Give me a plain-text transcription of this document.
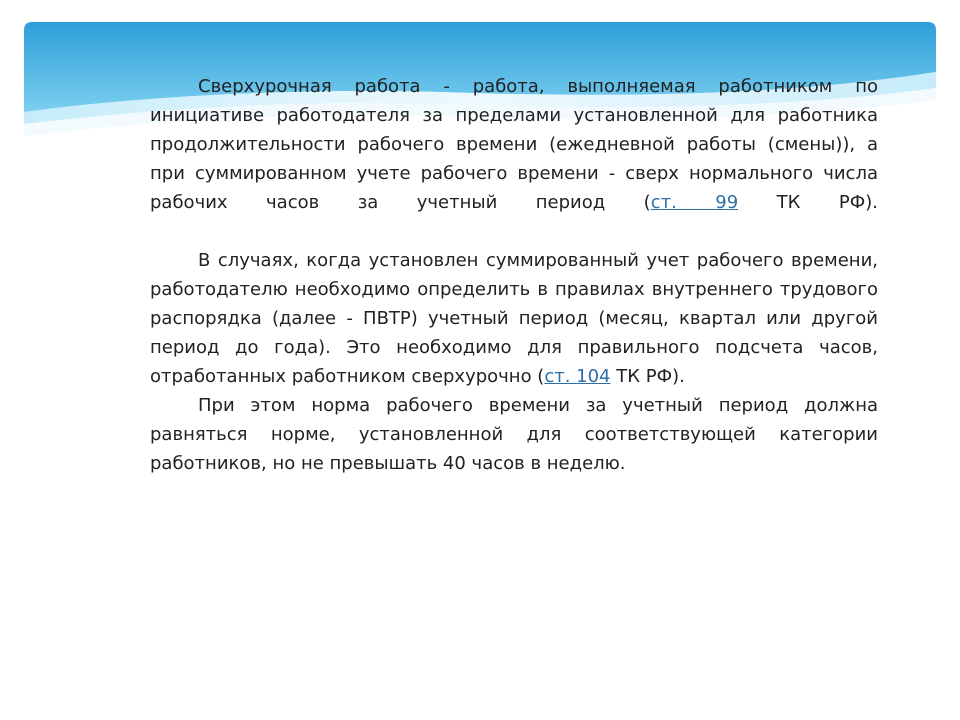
Сверхурочная работа - работа, выполняемая работником по инициативе работодателя за пределами установленной для работника продолжительности рабочего времени (ежедневной работы (смены)), а при суммированном учете рабочего времени - сверх нормального числа рабочих часов за учетный период (ст. 99 ТК РФ).

В случаях, когда установлен суммированный учет рабочего времени, работодателю необходимо определить в правилах внутреннего трудового распорядка (далее - ПВТР) учетный период (месяц, квартал или другой период до года). Это необходимо для правильного подсчета часов, отработанных работником сверхурочно (ст. 104 ТК РФ).

При этом норма рабочего времени за учетный период должна равняться норме, установленной для соответствующей категории работников, но не превышать 40 часов в неделю.
